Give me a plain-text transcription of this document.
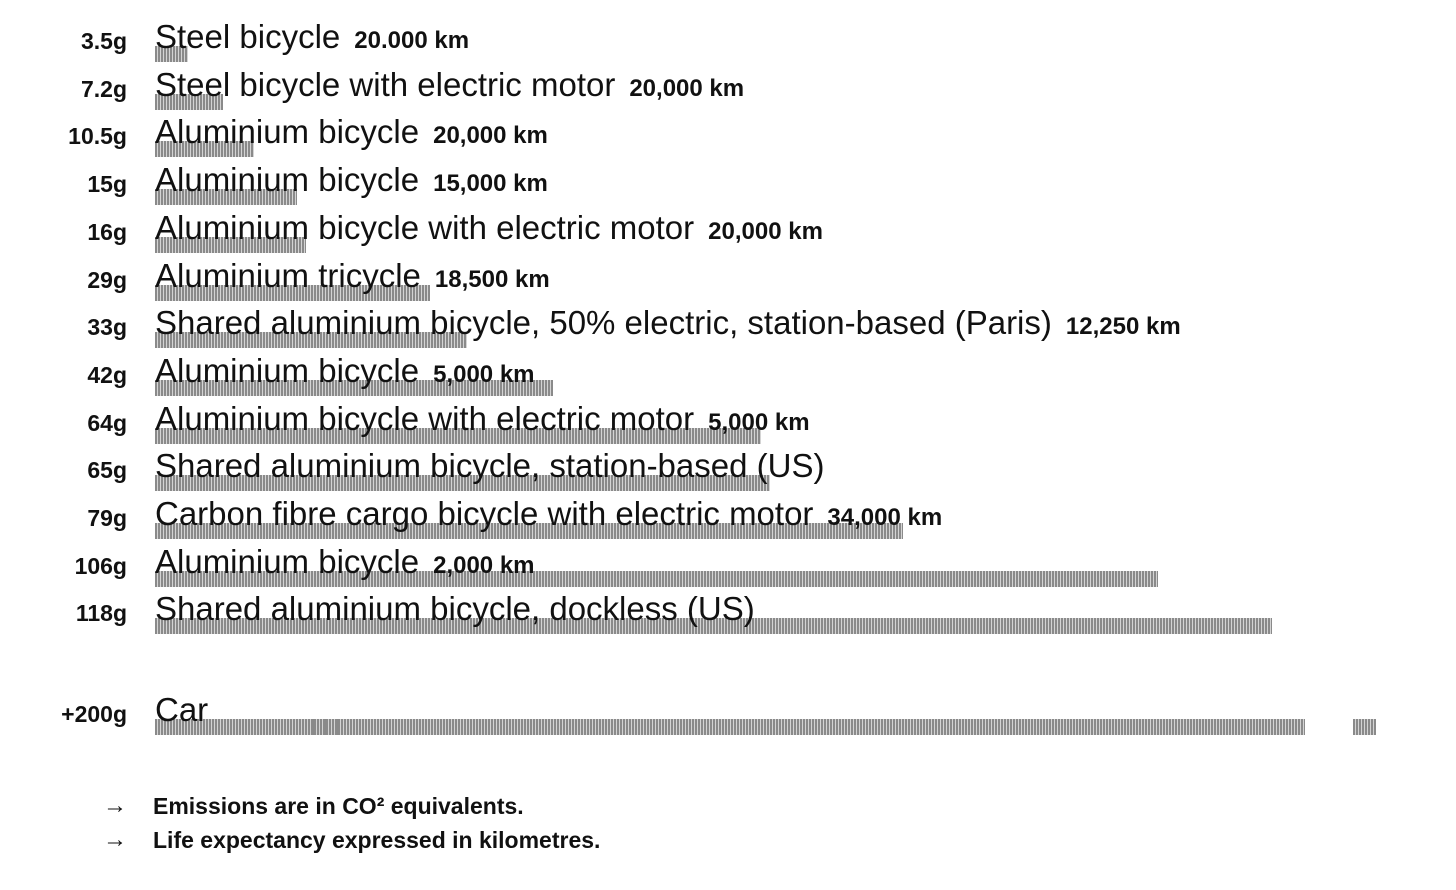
3.5g Steel bicycle 20.000 km
7.2g Steel bicycle with electric motor 20,000 km
10.5g Aluminium bicycle 20,000 km
15g Aluminium bicycle 15,000 km
16g Aluminium bicycle with electric motor 20,000 km
29g Aluminium tricycle 18,500 km
33g Shared aluminium bicycle, 50% electric, station-based (Paris) 12,250 km
42g Aluminium bicycle 5,000 km
64g Aluminium bicycle with electric motor 5,000 km
65g Shared aluminium bicycle, station-based (US)
79g Carbon fibre cargo bicycle with electric motor 34,000 km
106g Aluminium bicycle 2,000 km
118g Shared aluminium bicycle, dockless (US)
+200g Car
→	Emissions are in CO² equivalents.
→	Life expectancy expressed in kilometres.
